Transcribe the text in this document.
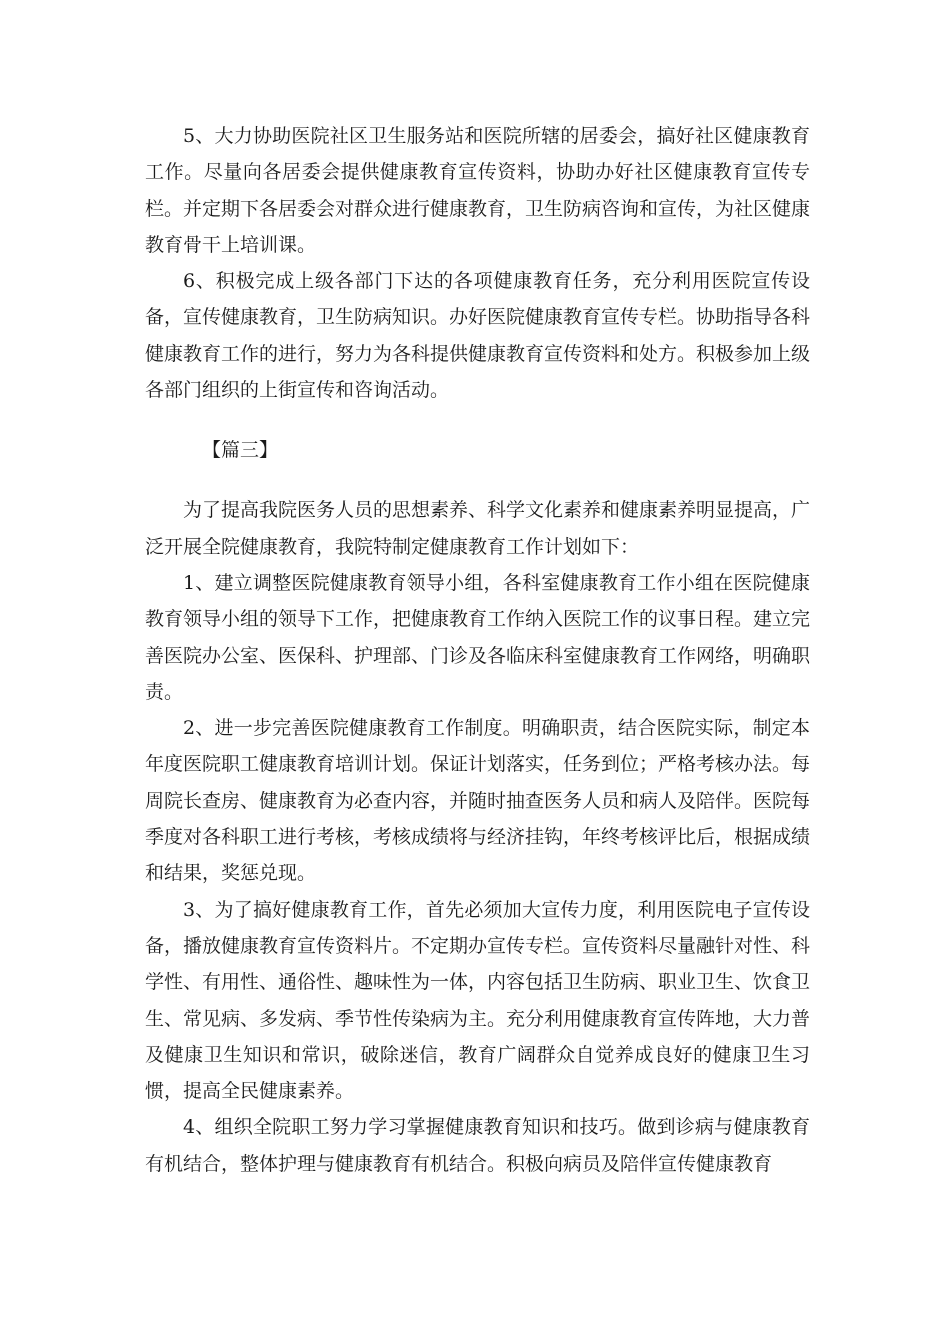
5、大力协助医院社区卫生服务站和医院所辖的居委会，搞好社区健康教育工作。尽量向各居委会提供健康教育宣传资料，协助办好社区健康教育宣传专栏。并定期下各居委会对群众进行健康教育，卫生防病咨询和宣传，为社区健康教育骨干上培训课。

6、积极完成上级各部门下达的各项健康教育任务，充分利用医院宣传设备，宣传健康教育，卫生防病知识。办好医院健康教育宣传专栏。协助指导各科健康教育工作的进行，努力为各科提供健康教育宣传资料和处方。积极参加上级各部门组织的上街宣传和咨询活动。

【篇三】

为了提高我院医务人员的思想素养、科学文化素养和健康素养明显提高，广泛开展全院健康教育，我院特制定健康教育工作计划如下：

1、建立调整医院健康教育领导小组，各科室健康教育工作小组在医院健康教育领导小组的领导下工作，把健康教育工作纳入医院工作的议事日程。建立完善医院办公室、医保科、护理部、门诊及各临床科室健康教育工作网络，明确职责。

2、进一步完善医院健康教育工作制度。明确职责，结合医院实际，制定本年度医院职工健康教育培训计划。保证计划落实，任务到位；严格考核办法。每周院长查房、健康教育为必查内容，并随时抽查医务人员和病人及陪伴。医院每季度对各科职工进行考核，考核成绩将与经济挂钩，年终考核评比后，根据成绩和结果，奖惩兑现。

3、为了搞好健康教育工作，首先必须加大宣传力度，利用医院电子宣传设备，播放健康教育宣传资料片。不定期办宣传专栏。宣传资料尽量融针对性、科学性、有用性、通俗性、趣味性为一体，内容包括卫生防病、职业卫生、饮食卫生、常见病、多发病、季节性传染病为主。充分利用健康教育宣传阵地，大力普及健康卫生知识和常识，破除迷信，教育广阔群众自觉养成良好的健康卫生习惯，提高全民健康素养。

4、组织全院职工努力学习掌握健康教育知识和技巧。做到诊病与健康教育有机结合，整体护理与健康教育有机结合。积极向病员及陪伴宣传健康教育
